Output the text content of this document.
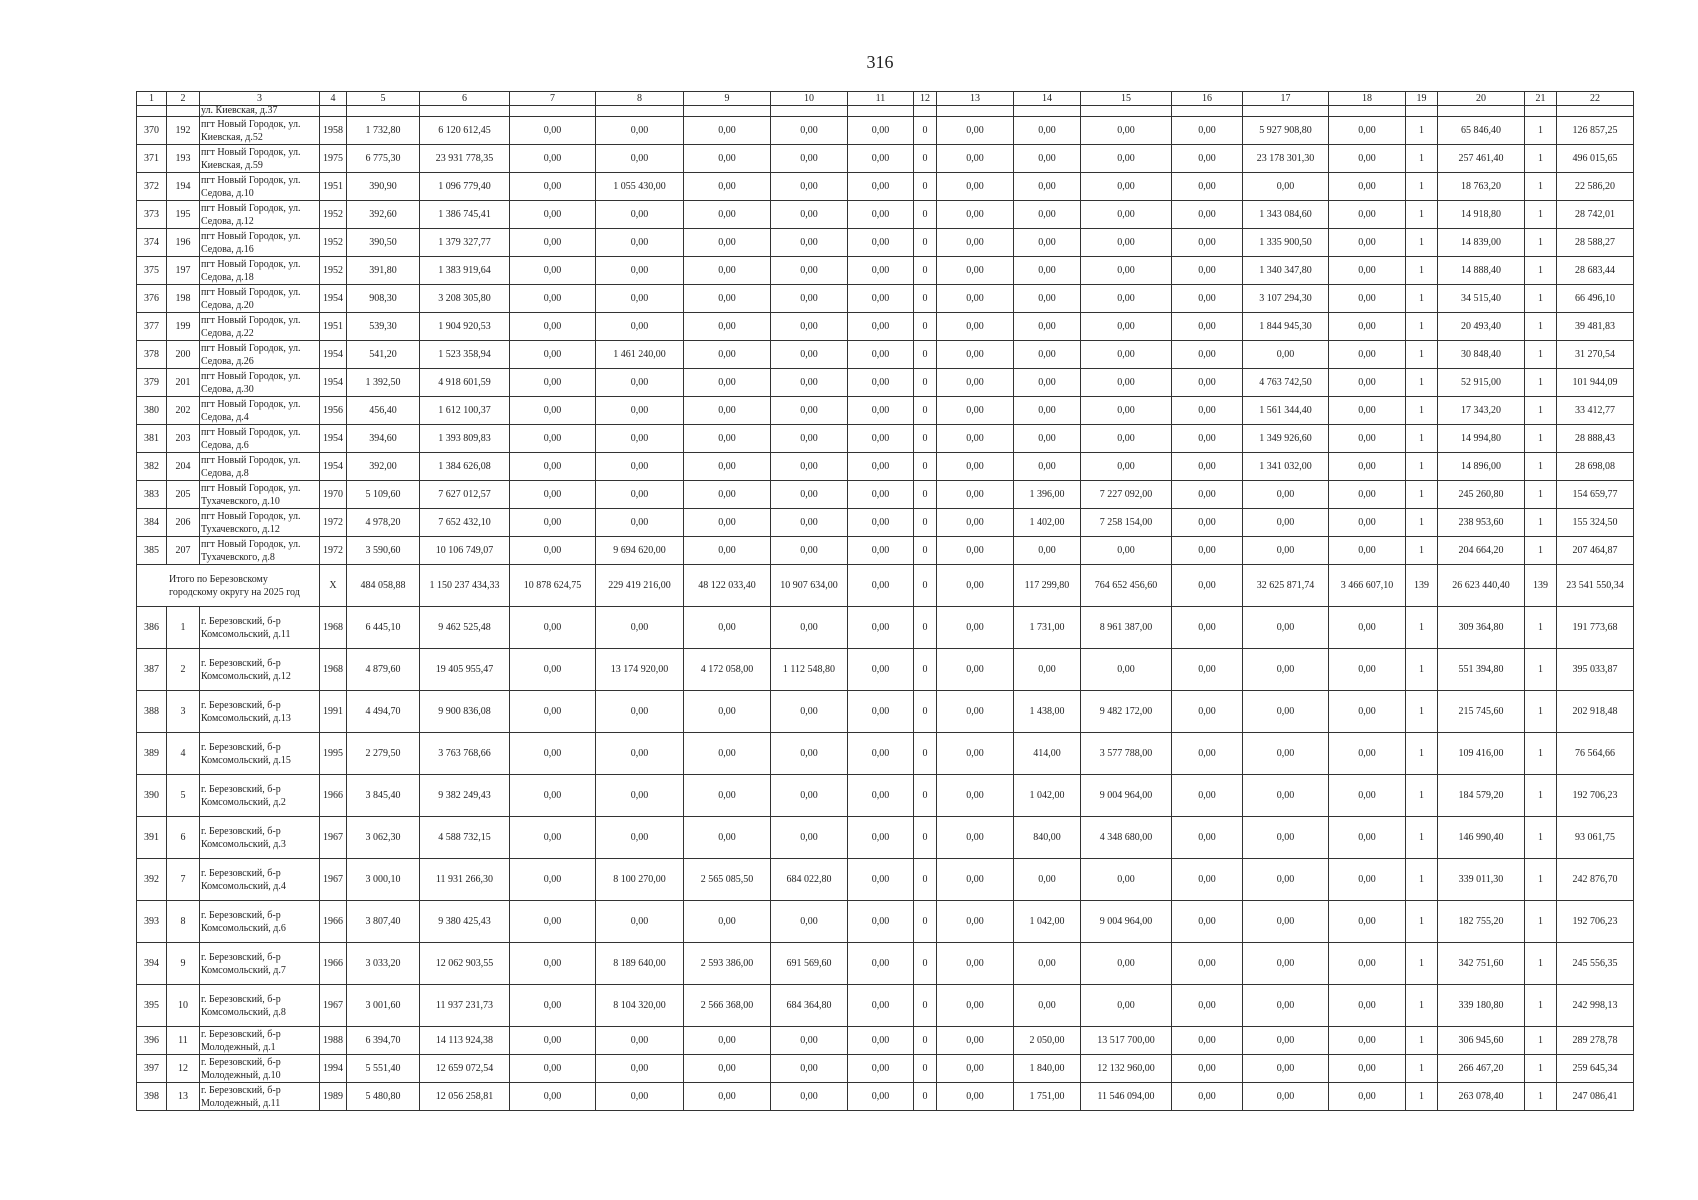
316
1	2	3	4	5	6	7	8	9	10	11	12	13	14	15	16	17	18	19	20	21	22
		ул. Киевская, д.37																			
370	192	пгт Новый Городок, ул. Киевская, д.52	1958	1 732,80	6 120 612,45	0,00	0,00	0,00	0,00	0,00	0	0,00	0,00	0,00	0,00	5 927 908,80	0,00	1	65 846,40	1	126 857,25
371	193	пгт Новый Городок, ул. Киевская, д.59	1975	6 775,30	23 931 778,35	0,00	0,00	0,00	0,00	0,00	0	0,00	0,00	0,00	0,00	23 178 301,30	0,00	1	257 461,40	1	496 015,65
372	194	пгт Новый Городок, ул. Седова, д.10	1951	390,90	1 096 779,40	0,00	1 055 430,00	0,00	0,00	0,00	0	0,00	0,00	0,00	0,00	0,00	0,00	1	18 763,20	1	22 586,20
373	195	пгт Новый Городок, ул. Седова, д.12	1952	392,60	1 386 745,41	0,00	0,00	0,00	0,00	0,00	0	0,00	0,00	0,00	0,00	1 343 084,60	0,00	1	14 918,80	1	28 742,01
374	196	пгт Новый Городок, ул. Седова, д.16	1952	390,50	1 379 327,77	0,00	0,00	0,00	0,00	0,00	0	0,00	0,00	0,00	0,00	1 335 900,50	0,00	1	14 839,00	1	28 588,27
375	197	пгт Новый Городок, ул. Седова, д.18	1952	391,80	1 383 919,64	0,00	0,00	0,00	0,00	0,00	0	0,00	0,00	0,00	0,00	1 340 347,80	0,00	1	14 888,40	1	28 683,44
376	198	пгт Новый Городок, ул. Седова, д.20	1954	908,30	3 208 305,80	0,00	0,00	0,00	0,00	0,00	0	0,00	0,00	0,00	0,00	3 107 294,30	0,00	1	34 515,40	1	66 496,10
377	199	пгт Новый Городок, ул. Седова, д.22	1951	539,30	1 904 920,53	0,00	0,00	0,00	0,00	0,00	0	0,00	0,00	0,00	0,00	1 844 945,30	0,00	1	20 493,40	1	39 481,83
378	200	пгт Новый Городок, ул. Седова, д.26	1954	541,20	1 523 358,94	0,00	1 461 240,00	0,00	0,00	0,00	0	0,00	0,00	0,00	0,00	0,00	0,00	1	30 848,40	1	31 270,54
379	201	пгт Новый Городок, ул. Седова, д.30	1954	1 392,50	4 918 601,59	0,00	0,00	0,00	0,00	0,00	0	0,00	0,00	0,00	0,00	4 763 742,50	0,00	1	52 915,00	1	101 944,09
380	202	пгт Новый Городок, ул. Седова, д.4	1956	456,40	1 612 100,37	0,00	0,00	0,00	0,00	0,00	0	0,00	0,00	0,00	0,00	1 561 344,40	0,00	1	17 343,20	1	33 412,77
381	203	пгт Новый Городок, ул. Седова, д.6	1954	394,60	1 393 809,83	0,00	0,00	0,00	0,00	0,00	0	0,00	0,00	0,00	0,00	1 349 926,60	0,00	1	14 994,80	1	28 888,43
382	204	пгт Новый Городок, ул. Седова, д.8	1954	392,00	1 384 626,08	0,00	0,00	0,00	0,00	0,00	0	0,00	0,00	0,00	0,00	1 341 032,00	0,00	1	14 896,00	1	28 698,08
383	205	пгт Новый Городок, ул. Тухачевского, д.10	1970	5 109,60	7 627 012,57	0,00	0,00	0,00	0,00	0,00	0	0,00	1 396,00	7 227 092,00	0,00	0,00	0,00	1	245 260,80	1	154 659,77
384	206	пгт Новый Городок, ул. Тухачевского, д.12	1972	4 978,20	7 652 432,10	0,00	0,00	0,00	0,00	0,00	0	0,00	1 402,00	7 258 154,00	0,00	0,00	0,00	1	238 953,60	1	155 324,50
385	207	пгт Новый Городок, ул. Тухачевского, д.8	1972	3 590,60	10 106 749,07	0,00	9 694 620,00	0,00	0,00	0,00	0	0,00	0,00	0,00	0,00	0,00	0,00	1	204 664,20	1	207 464,87
Итого по Березовскому городскому округу на 2025 год			X	484 058,88	1 150 237 434,33	10 878 624,75	229 419 216,00	48 122 033,40	10 907 634,00	0,00	0	0,00	117 299,80	764 652 456,60	0,00	32 625 871,74	3 466 607,10	139	26 623 440,40	139	23 541 550,34
386	1	г. Березовский, б-р Комсомольский, д.11	1968	6 445,10	9 462 525,48	0,00	0,00	0,00	0,00	0,00	0	0,00	1 731,00	8 961 387,00	0,00	0,00	0,00	1	309 364,80	1	191 773,68
387	2	г. Березовский, б-р Комсомольский, д.12	1968	4 879,60	19 405 955,47	0,00	13 174 920,00	4 172 058,00	1 112 548,80	0,00	0	0,00	0,00	0,00	0,00	0,00	0,00	1	551 394,80	1	395 033,87
388	3	г. Березовский, б-р Комсомольский, д.13	1991	4 494,70	9 900 836,08	0,00	0,00	0,00	0,00	0,00	0	0,00	1 438,00	9 482 172,00	0,00	0,00	0,00	1	215 745,60	1	202 918,48
389	4	г. Березовский, б-р Комсомольский, д.15	1995	2 279,50	3 763 768,66	0,00	0,00	0,00	0,00	0,00	0	0,00	414,00	3 577 788,00	0,00	0,00	0,00	1	109 416,00	1	76 564,66
390	5	г. Березовский, б-р Комсомольский, д.2	1966	3 845,40	9 382 249,43	0,00	0,00	0,00	0,00	0,00	0	0,00	1 042,00	9 004 964,00	0,00	0,00	0,00	1	184 579,20	1	192 706,23
391	6	г. Березовский, б-р Комсомольский, д.3	1967	3 062,30	4 588 732,15	0,00	0,00	0,00	0,00	0,00	0	0,00	840,00	4 348 680,00	0,00	0,00	0,00	1	146 990,40	1	93 061,75
392	7	г. Березовский, б-р Комсомольский, д.4	1967	3 000,10	11 931 266,30	0,00	8 100 270,00	2 565 085,50	684 022,80	0,00	0	0,00	0,00	0,00	0,00	0,00	0,00	1	339 011,30	1	242 876,70
393	8	г. Березовский, б-р Комсомольский, д.6	1966	3 807,40	9 380 425,43	0,00	0,00	0,00	0,00	0,00	0	0,00	1 042,00	9 004 964,00	0,00	0,00	0,00	1	182 755,20	1	192 706,23
394	9	г. Березовский, б-р Комсомольский, д.7	1966	3 033,20	12 062 903,55	0,00	8 189 640,00	2 593 386,00	691 569,60	0,00	0	0,00	0,00	0,00	0,00	0,00	0,00	1	342 751,60	1	245 556,35
395	10	г. Березовский, б-р Комсомольский, д.8	1967	3 001,60	11 937 231,73	0,00	8 104 320,00	2 566 368,00	684 364,80	0,00	0	0,00	0,00	0,00	0,00	0,00	0,00	1	339 180,80	1	242 998,13
396	11	г. Березовский, б-р Молодежный, д.1	1988	6 394,70	14 113 924,38	0,00	0,00	0,00	0,00	0,00	0	0,00	2 050,00	13 517 700,00	0,00	0,00	0,00	1	306 945,60	1	289 278,78
397	12	г. Березовский, б-р Молодежный, д.10	1994	5 551,40	12 659 072,54	0,00	0,00	0,00	0,00	0,00	0	0,00	1 840,00	12 132 960,00	0,00	0,00	0,00	1	266 467,20	1	259 645,34
398	13	г. Березовский, б-р Молодежный, д.11	1989	5 480,80	12 056 258,81	0,00	0,00	0,00	0,00	0,00	0	0,00	1 751,00	11 546 094,00	0,00	0,00	0,00	1	263 078,40	1	247 086,41
